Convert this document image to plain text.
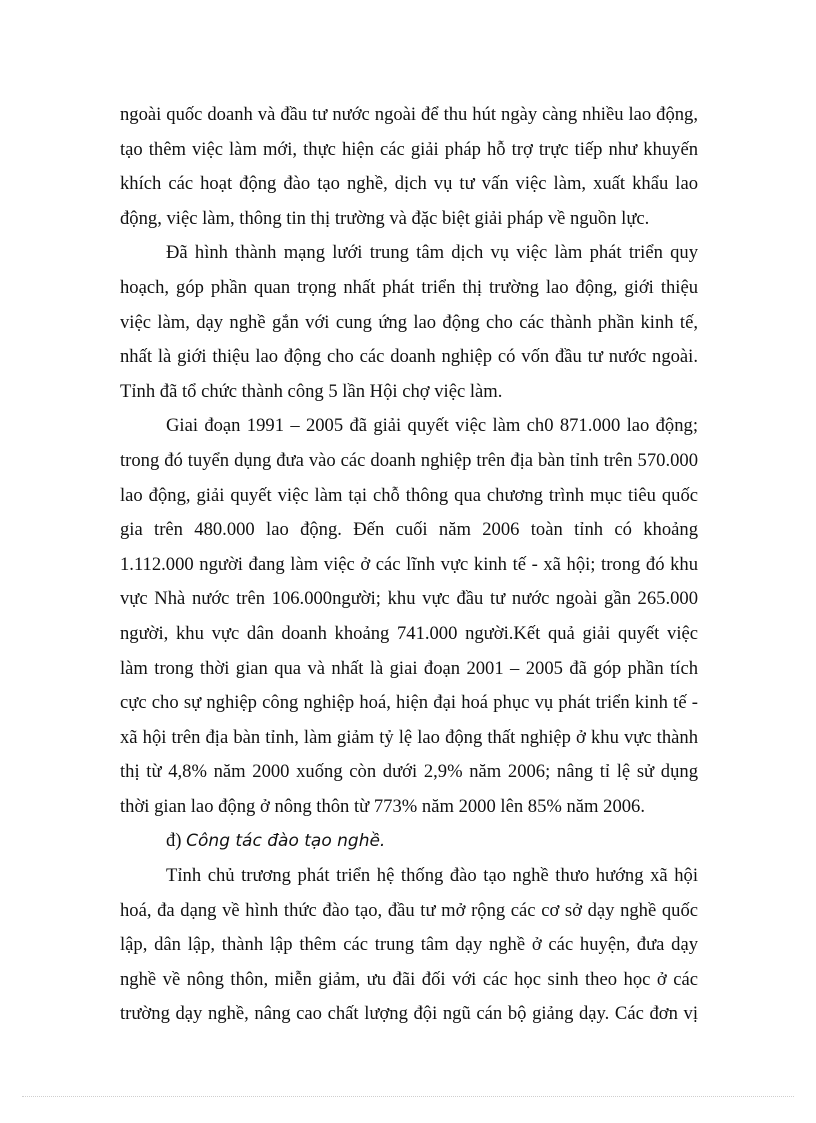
ngoài quốc doanh và đầu tư nước ngoài để thu hút ngày càng nhiều lao động,
tạo thêm việc làm mới, thực hiện các giải pháp hỗ trợ trực tiếp như khuyến
khích các hoạt động đào tạo nghề, dịch vụ tư vấn việc làm, xuất khẩu lao
động, việc làm, thông tin thị trường và đặc biệt giải pháp về nguồn lực.
Đã hình thành mạng lưới trung tâm dịch vụ việc làm phát triển quy
hoạch, góp phần quan trọng nhất phát triển thị trường lao động, giới thiệu
việc làm, dạy nghề gắn với cung ứng lao động cho các thành phần kinh tế,
nhất là giới thiệu lao động cho các doanh nghiệp có vốn đầu tư nước ngoài.
Tỉnh đã tổ chức thành công 5 lần Hội chợ việc làm.
Giai đoạn 1991 – 2005 đã giải quyết việc làm ch0 871.000 lao động;
trong đó tuyển dụng đưa vào các doanh nghiệp trên địa bàn tỉnh trên 570.000
lao động, giải quyết việc làm tại chỗ thông qua chương trình mục tiêu quốc
gia trên 480.000 lao động. Đến cuối năm 2006 toàn tỉnh có khoảng
1.112.000 người đang làm việc ở các lĩnh vực kinh tế - xã hội; trong đó khu
vực Nhà nước trên 106.000người; khu vực đầu tư nước ngoài gần 265.000
người, khu vực dân doanh khoảng 741.000 người.Kết quả giải quyết việc
làm trong thời gian qua và nhất là giai đoạn 2001 – 2005 đã góp phần tích
cực cho sự nghiệp công nghiệp hoá, hiện đại hoá phục vụ phát triển kinh tế -
xã hội trên địa bàn tỉnh, làm giảm tỷ lệ lao động thất nghiệp ở khu vực thành
thị từ 4,8% năm 2000 xuống còn dưới 2,9% năm 2006; nâng tỉ lệ sử dụng
thời gian lao động ở nông thôn từ 773% năm 2000 lên 85% năm 2006.
đ) Công tác đào tạo nghề.
Tỉnh chủ trương phát triển hệ thống đào tạo nghề thưo hướng xã hội
hoá, đa dạng về hình thức đào tạo, đầu tư mở rộng các cơ sở dạy nghề quốc
lập, dân lập, thành lập thêm các trung tâm dạy nghề ở các huyện, đưa dạy
nghề về nông thôn, miễn giảm, ưu đãi đối với các học sinh theo học ở các
trường dạy nghề, nâng cao chất lượng đội ngũ cán bộ giảng dạy. Các đơn vị
